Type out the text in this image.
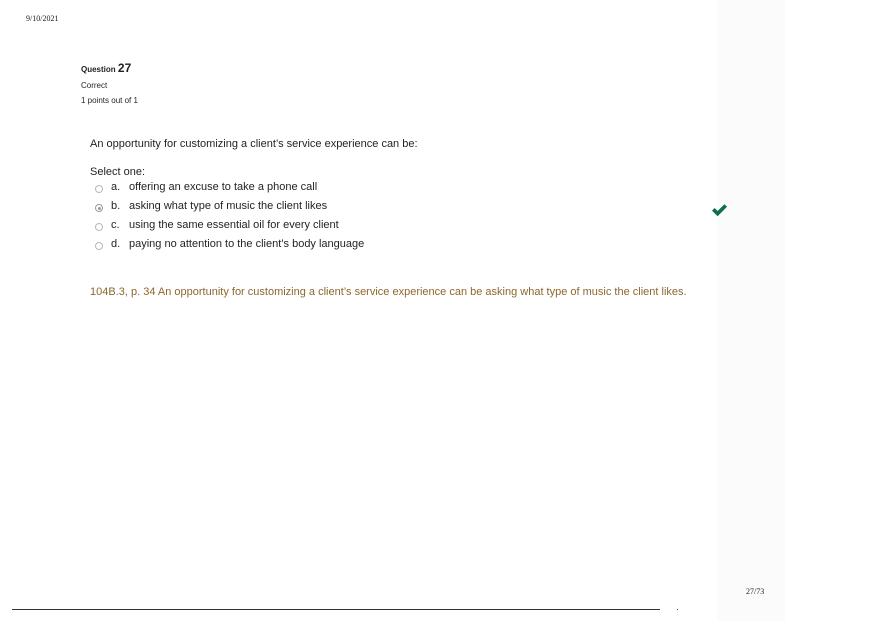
9/10/2021
Question 27
Correct
1 points out of 1
An opportunity for customizing a client’s service experience can be:
Select one:
a. offering an excuse to take a phone call
b. asking what type of music the client likes
c. using the same essential oil for every client
d. paying no attention to the client’s body language
104B.3, p. 34 An opportunity for customizing a client’s service experience can be asking what type of music the client likes.
27/73
